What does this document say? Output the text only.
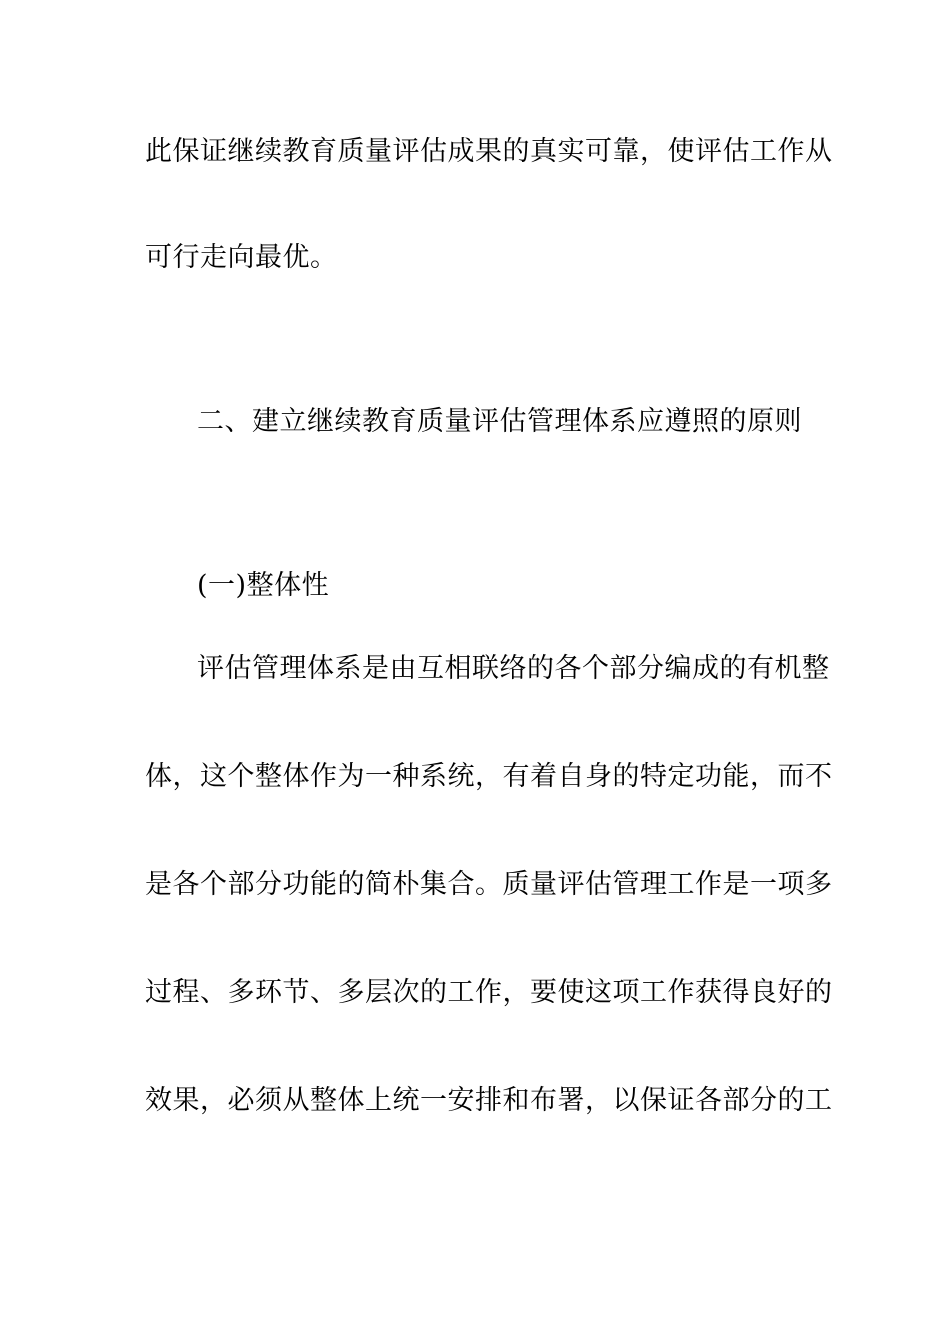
此保证继续教育质量评估成果的真实可靠，使评估工作从
可行走向最优。
二、建立继续教育质量评估管理体系应遵照的原则
(一)整体性
评估管理体系是由互相联络的各个部分编成的有机整
体，这个整体作为一种系统，有着自身的特定功能，而不
是各个部分功能的简朴集合。质量评估管理工作是一项多
过程、多环节、多层次的工作，要使这项工作获得良好的
效果，必须从整体上统一安排和布署，以保证各部分的工
